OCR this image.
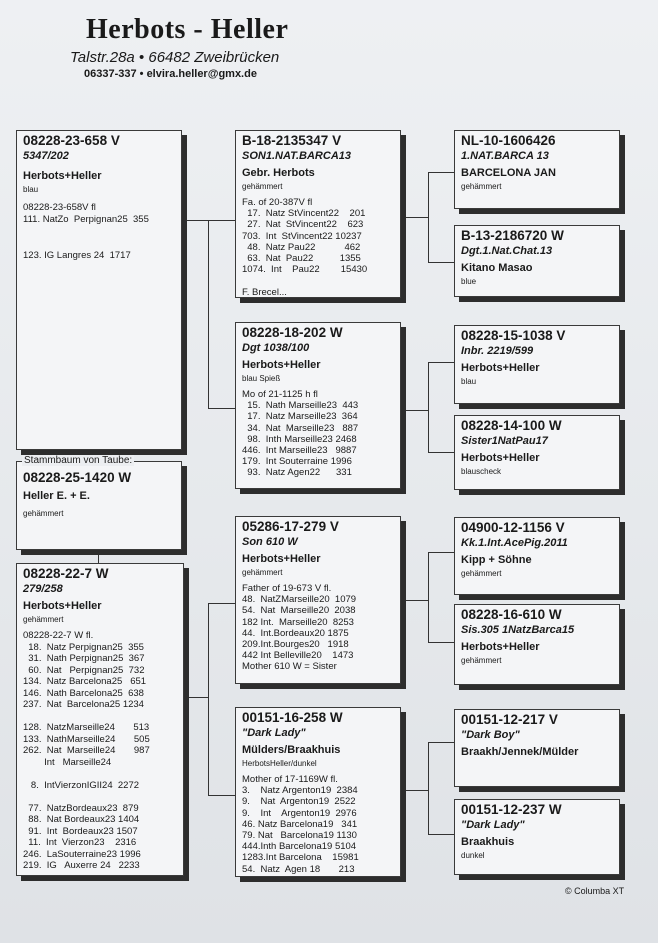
Herbots - Heller
Talstr.28a • 66482 Zweibrücken
06337-337 • elvira.heller@gmx.de
08228-23-658 V
5347/202
Herbots+Heller
blau
08228-23-658V fl
111. NatZo  Perpignan25  355

123. IG Langres 24  1717
B-18-2135347 V
SON1.NAT.BARCA13
Gebr. Herbots
gehämmert
Fa. of 20-387V fl
17.  Natz StVincent22    201
27.  Nat  StVincent22    623
703.  Int  StVincent22 10237
48.  Natz Pau22           462
63.  Nat  Pau22          1355
1074.  Int    Pau22        15430

F. Brecel...
NL-10-1606426
1.NAT.BARCA 13
BARCELONA JAN
gehämmert
B-13-2186720 W
Dgt.1.Nat.Chat.13
Kitano Masao
blue
08228-18-202 W
Dgt 1038/100
Herbots+Heller
blau Spieß
Mo of 21-1125 h fl
15.  Nath Marseille23  443
17.  Natz Marseille23  364
34.  Nat  Marseille23   887
98.  Inth Marseille23 2468
446.  Int Marseille23   9887
179.  Int Souterraine 1996
93.  Natz Agen22      331
08228-15-1038 V
Inbr. 2219/599
Herbots+Heller
blau
08228-14-100 W
Sister1NatPau17
Herbots+Heller
blauscheck
08228-25-1420 W
Heller E. + E.
gehämmert
Stammbaum von Taube:
08228-22-7 W
279/258
Herbots+Heller
gehämmert
08228-22-7 W fl.
18.  Natz Perpignan25  355
31.  Nath Perpignan25  367
60.  Nat   Perpignan25  732
134.  Natz Barcelona25   651
146.  Nath Barcelona25  638
237.  Nat  Barcelona25 1234

128.  NatzMarseille24       513
133.  NathMarseille24       505
262.  Nat  Marseille24       987
Int   Marseille24

8.  IntVierzonIGII24  2272

77.  NatzBordeaux23  879
88.  Nat Bordeaux23 1404
91.  Int  Bordeaux23 1507
11.  Int  Vierzon23    2316
246.  LaSouterraine23 1996
219.  IG   Auxerre 24   2233
05286-17-279 V
Son 610 W
Herbots+Heller
gehämmert
Father of 19-673 V fl.
48.  NatZMarseille20  1079
54.  Nat  Marseille20  2038
182 Int.  Marseille20  8253
44.  Int.Bordeaux20 1875
209.Int.Bourges20   1918
442 Int Belleville20    1473
Mother 610 W = Sister
04900-12-1156 V
Kk.1.Int.AcePig.2011
Kipp + Söhne
gehämmert
08228-16-610 W
Sis.305 1NatzBarca15
Herbots+Heller
gehämmert
00151-16-258 W
"Dark Lady"
Mülders/Braakhuis
HerbotsHeller/dunkel
Mother of 17-1169W fl.
3.    Natz Argenton19  2384
9.    Nat  Argenton19  2522
9.    Int    Argenton19  2976
46. Natz Barcelona19   341
79. Nat   Barcelona19 1130
444.Inth Barcelona19 5104
1283.Int Barcelona    15981
54.  Natz  Agen 18       213
00151-12-217 V
"Dark Boy"
Braakh/Jennek/Mülder
00151-12-237 W
"Dark Lady"
Braakhuis
dunkel
© Columba XT
